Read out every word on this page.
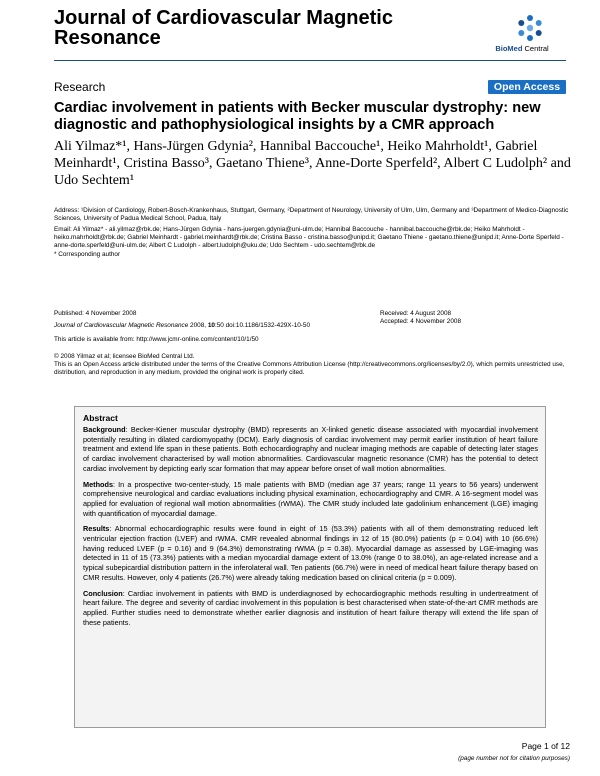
Journal of Cardiovascular Magnetic Resonance	BioMed Central
Research	Open Access
Cardiac involvement in patients with Becker muscular dystrophy: new diagnostic and pathophysiological insights by a CMR approach
Ali Yilmaz*¹, Hans-Jürgen Gdynia², Hannibal Baccouche¹, Heiko Mahrholdt¹, Gabriel Meinhardt¹, Cristina Basso³, Gaetano Thiene³, Anne-Dorte Sperfeld², Albert C Ludolph² and Udo Sechtem¹
Address: ¹Division of Cardiology, Robert-Bosch-Krankenhaus, Stuttgart, Germany, ²Department of Neurology, University of Ulm, Ulm, Germany and ³Department of Medico-Diagnostic Sciences, University of Padua Medical School, Padua, Italy
Email: Ali Yilmaz* - ali.yilmaz@rbk.de; Hans-Jürgen Gdynia - hans-juergen.gdynia@uni-ulm.de; Hannibal Baccouche - hannibal.baccouche@rbk.de; Heiko Mahrholdt - heiko.mahrholdt@rbk.de; Gabriel Meinhardt - gabriel.meinhardt@rbk.de; Cristina Basso - cristina.basso@unipd.it; Gaetano Thiene - gaetano.thiene@unipd.it; Anne-Dorte Sperfeld - anne-dorte.sperfeld@uni-ulm.de; Albert C Ludolph - albert.ludolph@uku.de; Udo Sechtem - udo.sechtem@rbk.de
* Corresponding author
Published: 4 November 2008
Journal of Cardiovascular Magnetic Resonance 2008, 10:50 doi:10.1186/1532-429X-10-50
Received: 4 August 2008
Accepted: 4 November 2008
This article is available from: http://www.jcmr-online.com/content/10/1/50
© 2008 Yilmaz et al; licensee BioMed Central Ltd.
This is an Open Access article distributed under the terms of the Creative Commons Attribution License (http://creativecommons.org/licenses/by/2.0), which permits unrestricted use, distribution, and reproduction in any medium, provided the original work is properly cited.
Abstract
Background: Becker-Kiener muscular dystrophy (BMD) represents an X-linked genetic disease associated with myocardial involvement potentially resulting in dilated cardiomyopathy (DCM). Early diagnosis of cardiac involvement may permit earlier institution of heart failure treatment and extend life span in these patients. Both echocardiography and nuclear imaging methods are capable of detecting later stages of cardiac involvement characterised by wall motion abnormalities. Cardiovascular magnetic resonance (CMR) has the potential to detect cardiac involvement by depicting early scar formation that may appear before onset of wall motion abnormalities.
Methods: In a prospective two-center-study, 15 male patients with BMD (median age 37 years; range 11 years to 56 years) underwent comprehensive neurological and cardiac evaluations including physical examination, echocardiography and CMR. A 16-segment model was applied for evaluation of regional wall motion abnormalities (rWMA). The CMR study included late gadolinium enhancement (LGE) imaging with quantification of myocardial damage.
Results: Abnormal echocardiographic results were found in eight of 15 (53.3%) patients with all of them demonstrating reduced left ventricular ejection fraction (LVEF) and rWMA. CMR revealed abnormal findings in 12 of 15 (80.0%) patients (p = 0.04) with 10 (66.6%) having reduced LVEF (p = 0.16) and 9 (64.3%) demonstrating rWMA (p = 0.38). Myocardial damage as assessed by LGE-imaging was detected in 11 of 15 (73.3%) patients with a median myocardial damage extent of 13.0% (range 0 to 38.0%), an age-related increase and a typical subepicardial distribution pattern in the inferolateral wall. Ten patients (66.7%) were in need of medical heart failure therapy based on CMR results. However, only 4 patients (26.7%) were already taking medication based on clinical criteria (p = 0.009).
Conclusion: Cardiac involvement in patients with BMD is underdiagnosed by echocardiographic methods resulting in undertreatment of heart failure. The degree and severity of cardiac involvement in this population is best characterised when state-of-the-art CMR methods are applied. Further studies need to demonstrate whether earlier diagnosis and institution of heart failure therapy will extend the life span of these patients.
Page 1 of 12
(page number not for citation purposes)
